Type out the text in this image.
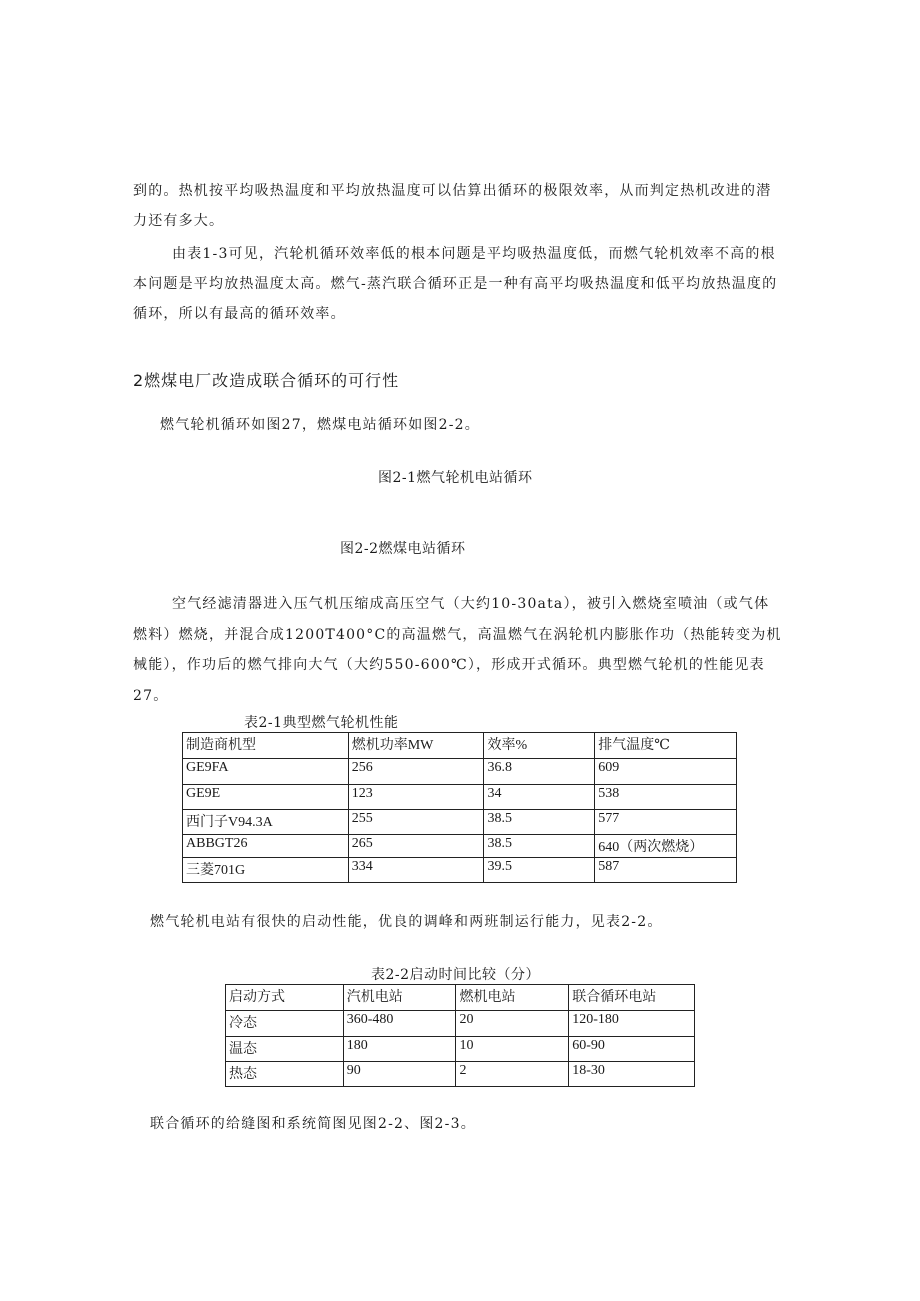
到的。热机按平均吸热温度和平均放热温度可以估算出循环的极限效率，从而判定热机改进的潜
力还有多大。
由表1-3可见，汽轮机循环效率低的根本问题是平均吸热温度低，而燃气轮机效率不高的根
本问题是平均放热温度太高。燃气-蒸汽联合循环正是一种有高平均吸热温度和低平均放热温度的
循环，所以有最高的循环效率。
2燃煤电厂改造成联合循环的可行性
燃气轮机循环如图27，燃煤电站循环如图2-2。
图2-1燃气轮机电站循环
图2-2燃煤电站循环
空气经滤清器进入压气机压缩成高压空气（大约10-30ata），被引入燃烧室喷油（或气体
燃料）燃烧，并混合成1200T400°C的高温燃气，高温燃气在涡轮机内膨胀作功（热能转变为机
械能），作功后的燃气排向大气（大约550-600℃），形成开式循环。典型燃气轮机的性能见表
27。
表2-1典型燃气轮机性能
制造商机型	燃机功率MW	效率%	排气温度℃
GE9FA	256	36.8	609
GE9E	123	34	538
西门子V94.3A	255	38.5	577
ABBGT26	265	38.5	640（两次燃烧）
三菱701G	334	39.5	587
燃气轮机电站有很快的启动性能，优良的调峰和两班制运行能力，见表2-2。
表2-2启动时间比较（分）
启动方式	汽机电站	燃机电站	联合循环电站
冷态	360-480	20	120-180
温态	180	10	60-90
热态	90	2	18-30
联合循环的给缝图和系统简图见图2-2、图2-3。
